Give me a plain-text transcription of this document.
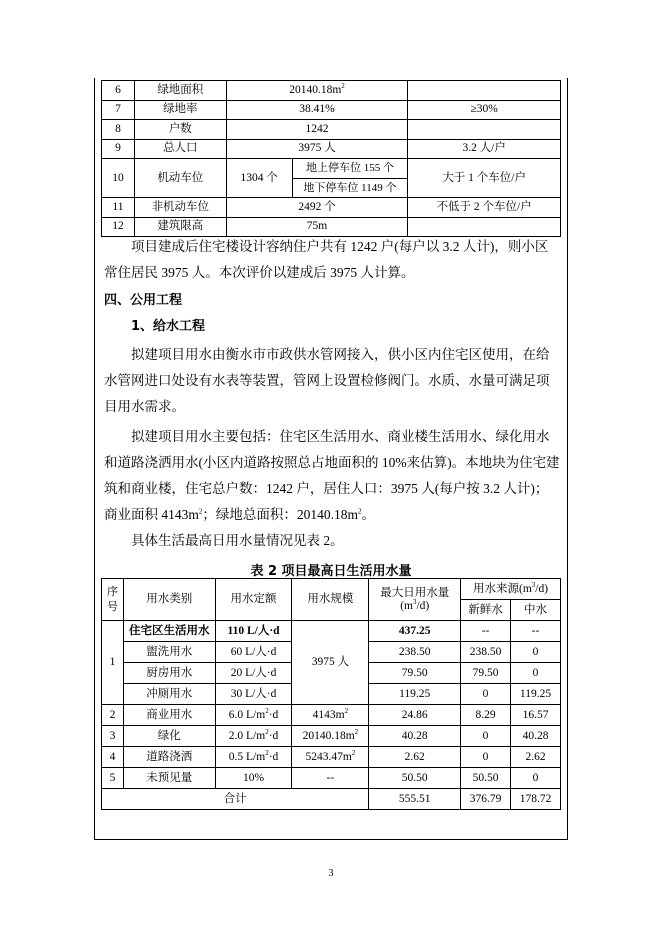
6	绿地面积	$20140.18m^2$	
7	绿地率	38.41%		≥30%
8	户数	1242		
9	总人口	3975 人		3.2 人/户
10	机动车位	1304 个	地上停车位 155 个	大于 1 个车位/户
			地下停车位 1149 个	
11	非机动车位	2492 个		不低于 2 个车位/户
12	建筑限高	75m		

项目建成后住宅楼设计容纳住户共有 1242 户(每户以 3.2 人计)，则小区常住居民 3975 人。本次评价以建成后 3975 人计算。

四、公用工程

1、给水工程

拟建项目用水由衡水市市政供水管网接入，供小区内住宅区使用，在给水管网进口处设有水表等装置，管网上设置检修阀门。水质、水量可满足项目用水需求。

拟建项目用水主要包括：住宅区生活用水、商业楼生活用水、绿化用水和道路浇洒用水(小区内道路按照总占地面积的 10%来估算)。本地块为住宅建筑和商业楼，住宅总户数：1242 户，居住人口：3975 人(每户按 3.2 人计)；商业面积 $4143m^2$；绿地总面积：$20140.18m^2$。

具体生活最高日用水量情况见表 2。

表 2 项目最高日生活用水量
序号	用水类别	用水定额	用水规模	最大日用水量
$(m^3/d)$	用水来源$(m^3/d)$	
					新鲜水	中水
1	住宅区生活用水	110 L/人·d	3975 人	437.25	--	--
	盥洗用水	60 L/人·d		238.50	238.50	0
	厨房用水	20 L/人·d		79.50	79.50	0
	冲厕用水	30 L/人·d		119.25	0	119.25
2	商业用水	6.0 $L/m^2\cdot d$	$4143m^2$	24.86	8.29	16.57
3	绿化	2.0 $L/m^2\cdot d$	$20140.18m^2$	40.28	0	40.28
4	道路浇洒	0.5 $L/m^2\cdot d$	$5243.47m^2$	2.62	0	2.62
5	未预见量	10%	--	50.50	50.50	0
合计				555.51	376.79	178.72
3
